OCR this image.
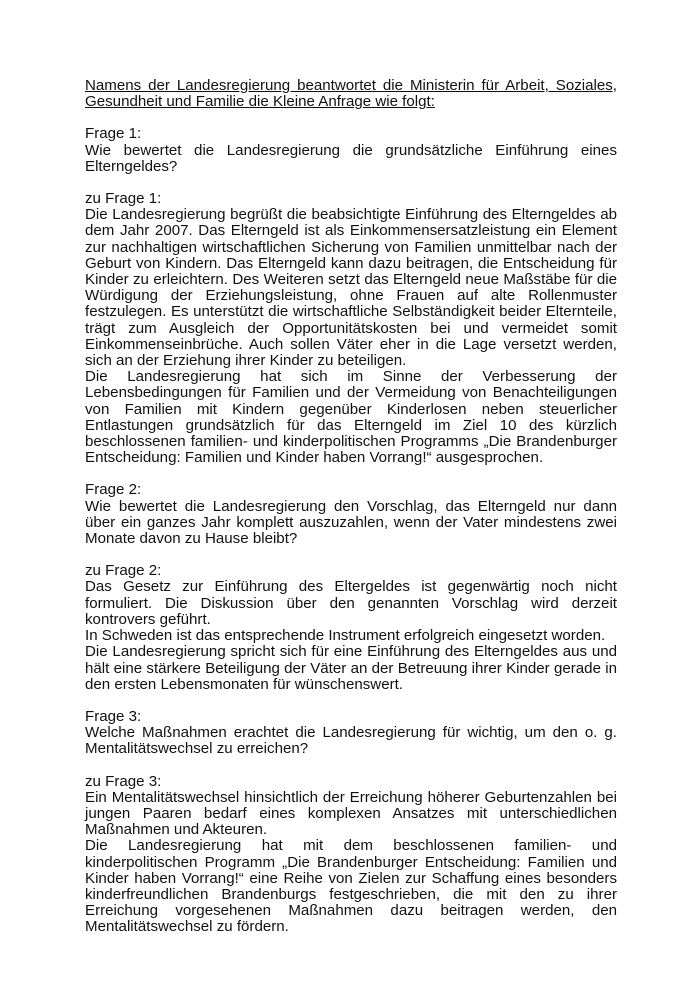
Namens der Landesregierung beantwortet die Ministerin für Arbeit, Soziales, Gesundheit und Familie die Kleine Anfrage wie folgt:

Frage 1:
Wie bewertet die Landesregierung die grundsätzliche Einführung eines Elterngeldes?
zu Frage 1:
Die Landesregierung begrüßt die beabsichtigte Einführung des Elterngeldes ab dem Jahr 2007. Das Elterngeld ist als Einkommensersatzleistung ein Element zur nachhaltigen wirtschaftlichen Sicherung von Familien unmittelbar nach der Geburt von Kindern. Das Elterngeld kann dazu beitragen, die Entscheidung für Kinder zu erleichtern. Des Weiteren setzt das Elterngeld neue Maßstäbe für die Würdigung der Erziehungsleistung, ohne Frauen auf alte Rollenmuster festzulegen. Es unterstützt die wirtschaftliche Selbständigkeit beider Elternteile, trägt zum Ausgleich der Opportunitätskosten bei und vermeidet somit Einkommenseinbrüche. Auch sollen Väter eher in die Lage versetzt werden, sich an der Erziehung ihrer Kinder zu beteiligen.
Die Landesregierung hat sich im Sinne der Verbesserung der Lebensbedingungen für Familien und der Vermeidung von Benachteiligungen von Familien mit Kindern gegenüber Kinderlosen neben steuerlicher Entlastungen grundsätzlich für das Elterngeld im Ziel 10 des kürzlich beschlossenen familien- und kinderpolitischen Programms „Die Brandenburger Entscheidung: Familien und Kinder haben Vorrang!“ ausgesprochen.
Frage 2:
Wie bewertet die Landesregierung den Vorschlag, das Elterngeld nur dann über ein ganzes Jahr komplett auszuzahlen, wenn der Vater mindestens zwei Monate davon zu Hause bleibt?
zu Frage 2:
Das Gesetz zur Einführung des Eltergeldes ist gegenwärtig noch nicht formuliert. Die Diskussion über den genannten Vorschlag wird derzeit kontrovers geführt.
In Schweden ist das entsprechende Instrument erfolgreich eingesetzt worden.
Die Landesregierung spricht sich für eine Einführung des Elterngeldes aus und hält eine stärkere Beteiligung der Väter an der Betreuung ihrer Kinder gerade in den ersten Lebensmonaten für wünschenswert.
Frage 3:
Welche Maßnahmen erachtet die Landesregierung für wichtig, um den o. g. Mentalitätswechsel zu erreichen?
zu Frage 3:
Ein Mentalitätswechsel hinsichtlich der Erreichung höherer Geburtenzahlen bei jungen Paaren bedarf eines komplexen Ansatzes mit unterschiedlichen Maßnahmen und Akteuren.
Die Landesregierung hat mit dem beschlossenen familien- und kinderpolitischen Programm „Die Brandenburger Entscheidung: Familien und Kinder haben Vorrang!“ eine Reihe von Zielen zur Schaffung eines besonders kinderfreundlichen Brandenburgs festgeschrieben, die mit den zu ihrer Erreichung vorgesehenen Maßnahmen dazu beitragen werden, den Mentalitätswechsel zu fördern.
